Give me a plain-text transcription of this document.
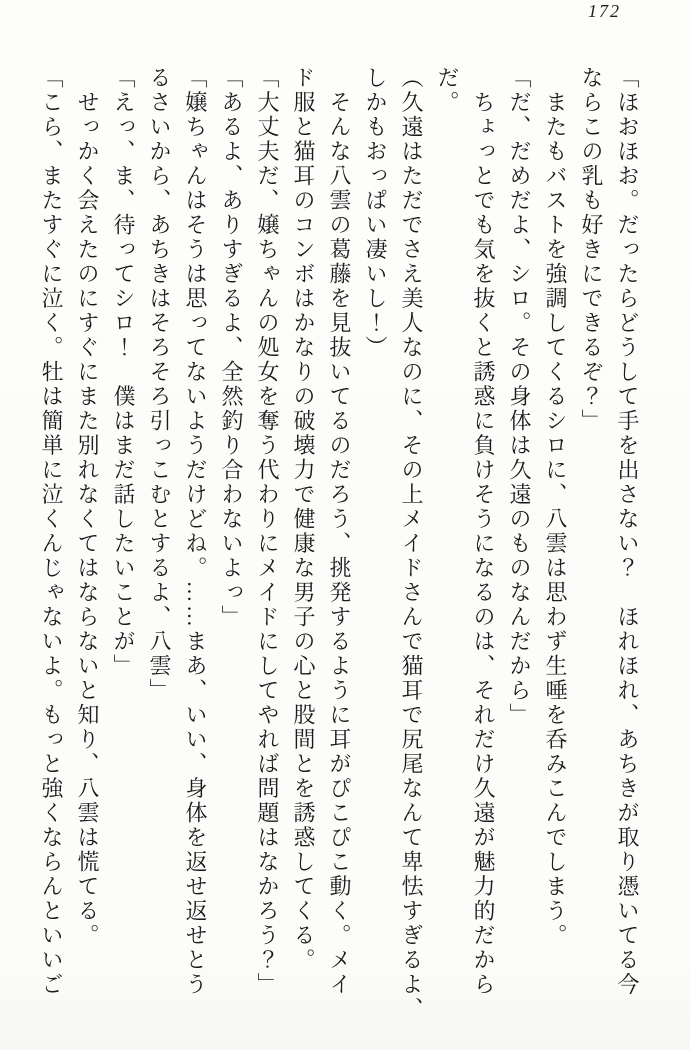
172
「ほおほお。だったらどうして手を出さない？　ほれほれ、あちきが取り憑いてる今
ならこの乳も好きにできるぞ？」
　またもバストを強調してくるシロに、八雲は思わず生唾を呑みこんでしまう。
「だ、だめだよ、シロ。その身体は久遠のものなんだから」
　ちょっとでも気を抜くと誘惑に負けそうになるのは、それだけ久遠が魅力的だから
だ。
（久遠はただでさえ美人なのに、その上メイドさんで猫耳で尻尾なんて卑怯すぎるよ、
しかもおっぱい凄いし！）
　そんな八雲の葛藤を見抜いてるのだろう、挑発するように耳がぴこぴこ動く。メイ
ド服と猫耳のコンボはかなりの破壊力で健康な男子の心と股間とを誘惑してくる。
「大丈夫だ、嬢ちゃんの処女を奪う代わりにメイドにしてやれば問題はなかろう？」
「あるよ、ありすぎるよ、全然釣り合わないよっ」
「嬢ちゃんはそうは思ってないようだけどね。……まあ、いい、身体を返せ返せとう
るさいから、あちきはそろそろ引っこむとするよ、八雲」
「えっ、ま、待ってシロ！　僕はまだ話したいことが」
　せっかく会えたのにすぐにまた別れなくてはならないと知り、八雲は慌てる。
「こら、またすぐに泣く。牡は簡単に泣くんじゃないよ。もっと強くならんといいご
